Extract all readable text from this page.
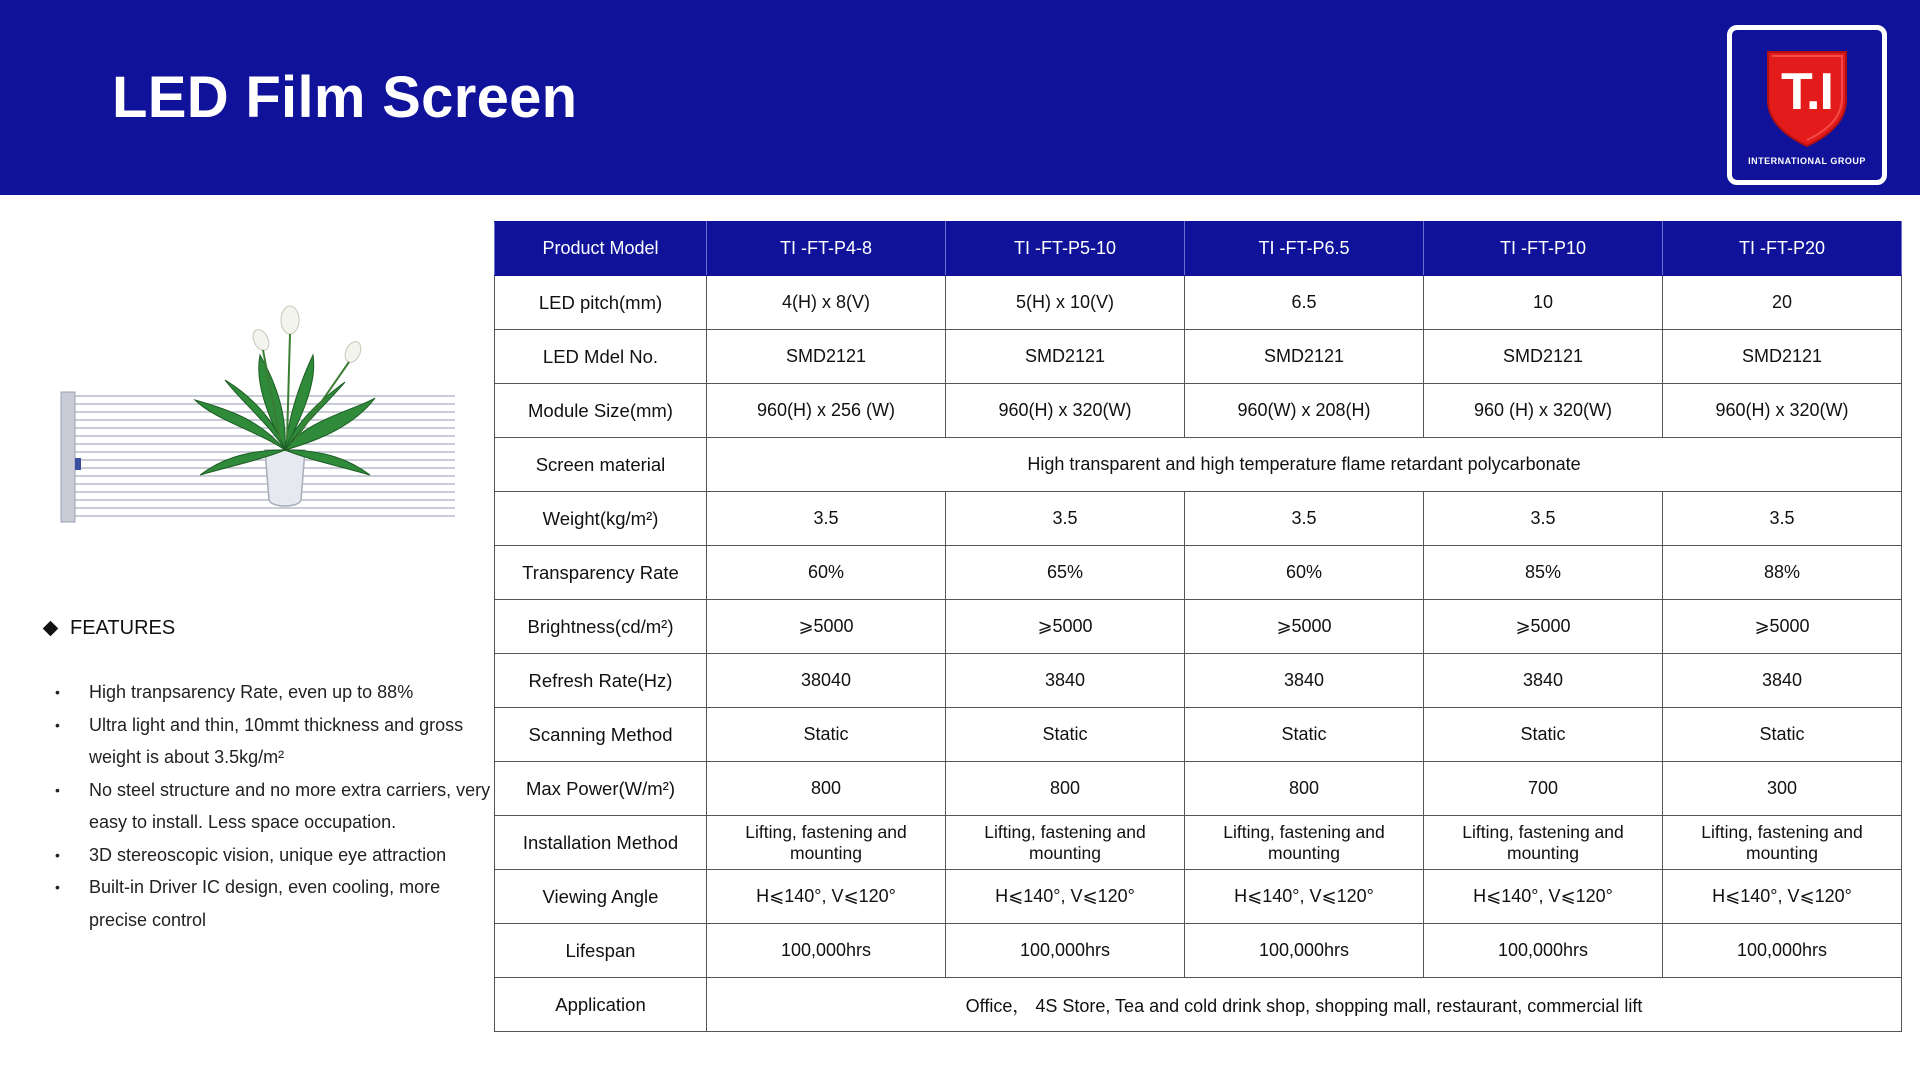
LED Film Screen	T.I
INTERNATIONAL GROUP
FEATURES
• High tranpsarency Rate, even up to 88%
• Ultra light and thin, 10mmt thickness and gross weight is about 3.5kg/m²
• No steel structure and no more extra carriers, very easy to install. Less space occupation.
• 3D stereoscopic vision, unique eye attraction
• Built-in Driver IC design, even cooling, more precise control
Product Model	TI -FT-P4-8	TI -FT-P5-10	TI -FT-P6.5	TI -FT-P10	TI -FT-P20
LED pitch(mm)	4(H) x 8(V)	5(H) x 10(V)	6.5	10	20
LED Mdel No.	SMD2121	SMD2121	SMD2121	SMD2121	SMD2121
Module Size(mm)	960(H) x 256 (W)	960(H) x 320(W)	960(W) x 208(H)	960 (H) x 320(W)	960(H) x 320(W)
Screen material	High transparent and high temperature flame retardant polycarbonate				
Weight(kg/m²)	3.5	3.5	3.5	3.5	3.5
Transparency Rate	60%	65%	60%	85%	88%
Brightness(cd/m²)	⩾5000	⩾5000	⩾5000	⩾5000	⩾5000
Refresh Rate(Hz)	38040	3840	3840	3840	3840
Scanning Method	Static	Static	Static	Static	Static
Max Power(W/m²)	800	800	800	700	300
Installation Method	Lifting, fastening and mounting	Lifting, fastening and mounting	Lifting, fastening and mounting	Lifting, fastening and mounting	Lifting, fastening and mounting
Viewing Angle	H⩽140°, V⩽120°	H⩽140°, V⩽120°	H⩽140°, V⩽120°	H⩽140°, V⩽120°	H⩽140°, V⩽120°
Lifespan	100,000hrs	100,000hrs	100,000hrs	100,000hrs	100,000hrs
Application	Office， 4S Store, Tea and cold drink shop, shopping mall, restaurant, commercial lift				
